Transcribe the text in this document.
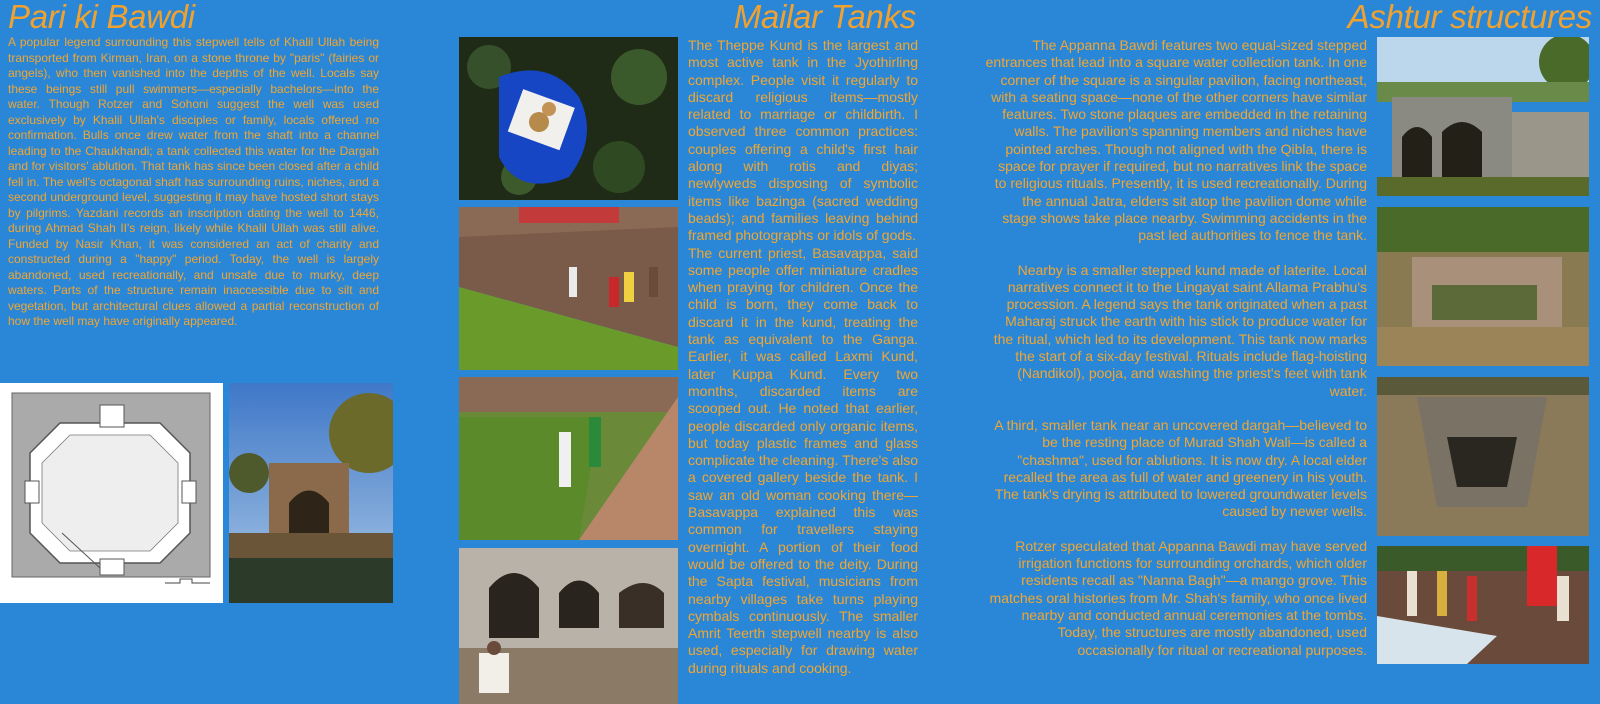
Pari ki Bawdi

A popular legend surrounding this stepwell tells of Khalil Ullah being transported from Kirman, Iran, on a stone throne by "paris" (fairies or angels), who then vanished into the depths of the well. Locals say these beings still pull swimmers—especially bachelors—into the water. Though Rotzer and Sohoni suggest the well was used exclusively by Khalil Ullah's disciples or family, locals offered no confirmation. Bulls once drew water from the shaft into a channel leading to the Chaukhandi; a tank collected this water for the Dargah and for visitors' ablution. That tank has since been closed after a child fell in. The well's octagonal shaft has surrounding ruins, niches, and a second underground level, suggesting it may have hosted short stays by pilgrims. Yazdani records an inscription dating the well to 1446, during Ahmad Shah II's reign, likely while Khalil Ullah was still alive. Funded by Nasir Khan, it was considered an act of charity and constructed during a "happy" period. Today, the well is largely abandoned, used recreationally, and unsafe due to murky, deep waters. Parts of the structure remain inaccessible due to silt and vegetation, but architectural clues allowed a partial reconstruction of how the well may have originally appeared.

Mailar Tanks

The Theppe Kund is the largest and most active tank in the Jyothirling complex. People visit it regularly to discard religious items—mostly related to marriage or childbirth. I observed three common practices: couples offering a child's first hair along with rotis and diyas; newlyweds disposing of symbolic items like bazinga (sacred wedding beads); and families leaving behind framed photographs or idols of gods.

The current priest, Basavappa, said some people offer miniature cradles when praying for children. Once the child is born, they come back to discard it in the kund, treating the tank as equivalent to the Ganga. Earlier, it was called Laxmi Kund, later Kuppa Kund. Every two months, discarded items are scooped out. He noted that earlier, people discarded only organic items, but today plastic frames and glass complicate the cleaning. There's also a covered gallery beside the tank. I saw an old woman cooking there—Basavappa explained this was common for travellers staying overnight. A portion of their food would be offered to the deity. During the Sapta festival, musicians from nearby villages take turns playing cymbals continuously. The smaller Amrit Teerth stepwell nearby is also used, especially for drawing water during rituals and cooking.

Ashtur structures

The Appanna Bawdi features two equal-sized stepped entrances that lead into a square water collection tank. In one corner of the square is a singular pavilion, facing northeast, with a seating space—none of the other corners have similar features. Two stone plaques are embedded in the retaining walls. The pavilion's spanning members and niches have pointed arches. Though not aligned with the Qibla, there is space for prayer if required, but no narratives link the space to religious rituals. Presently, it is used recreationally. During the annual Jatra, elders sit atop the pavilion dome while stage shows take place nearby. Swimming accidents in the past led authorities to fence the tank.

Nearby is a smaller stepped kund made of laterite. Local narratives connect it to the Lingayat saint Allama Prabhu's procession. A legend says the tank originated when a past Maharaj struck the earth with his stick to produce water for the ritual, which led to its development. This tank now marks the start of a six-day festival. Rituals include flag-hoisting (Nandikol), pooja, and washing the priest's feet with tank water.

A third, smaller tank near an uncovered dargah—believed to be the resting place of Murad Shah Wali—is called a "chashma", used for ablutions. It is now dry. A local elder recalled the area as full of water and greenery in his youth. The tank's drying is attributed to lowered groundwater levels caused by newer wells.

Rotzer speculated that Appanna Bawdi may have served irrigation functions for surrounding orchards, which older residents recall as "Nanna Bagh"—a mango grove. This matches oral histories from Mr. Shah's family, who once lived nearby and conducted annual ceremonies at the tombs. Today, the structures are mostly abandoned, used occasionally for ritual or recreational purposes.
